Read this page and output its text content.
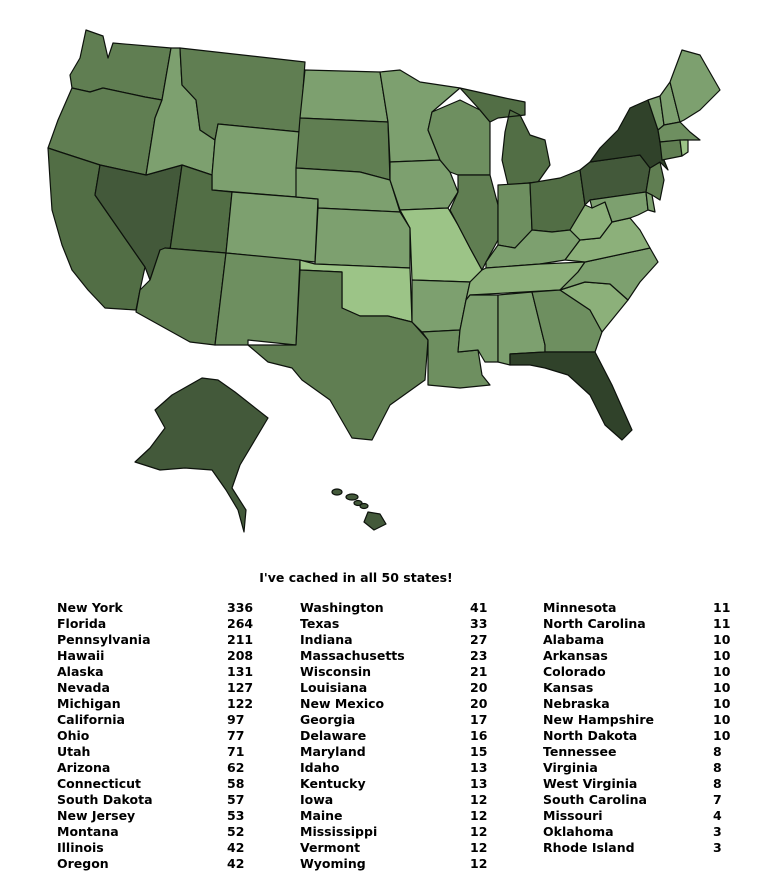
I've cached in all 50 states!
New York	336
Florida	264
Pennsylvania	211
Hawaii	208
Alaska	131
Nevada	127
Michigan	122
California	97
Ohio	77
Utah	71
Arizona	62
Connecticut	58
South Dakota	57
New Jersey	53
Montana	52
Illinois	42
Oregon	42
Washington	41
Texas	33
Indiana	27
Massachusetts	23
Wisconsin	21
Louisiana	20
New Mexico	20
Georgia	17
Delaware	16
Maryland	15
Idaho	13
Kentucky	13
Iowa	12
Maine	12
Mississippi	12
Vermont	12
Wyoming	12
Minnesota	11
North Carolina	11
Alabama	10
Arkansas	10
Colorado	10
Kansas	10
Nebraska	10
New Hampshire	10
North Dakota	10
Tennessee	8
Virginia	8
West Virginia	8
South Carolina	7
Missouri	4
Oklahoma	3
Rhode Island	3
